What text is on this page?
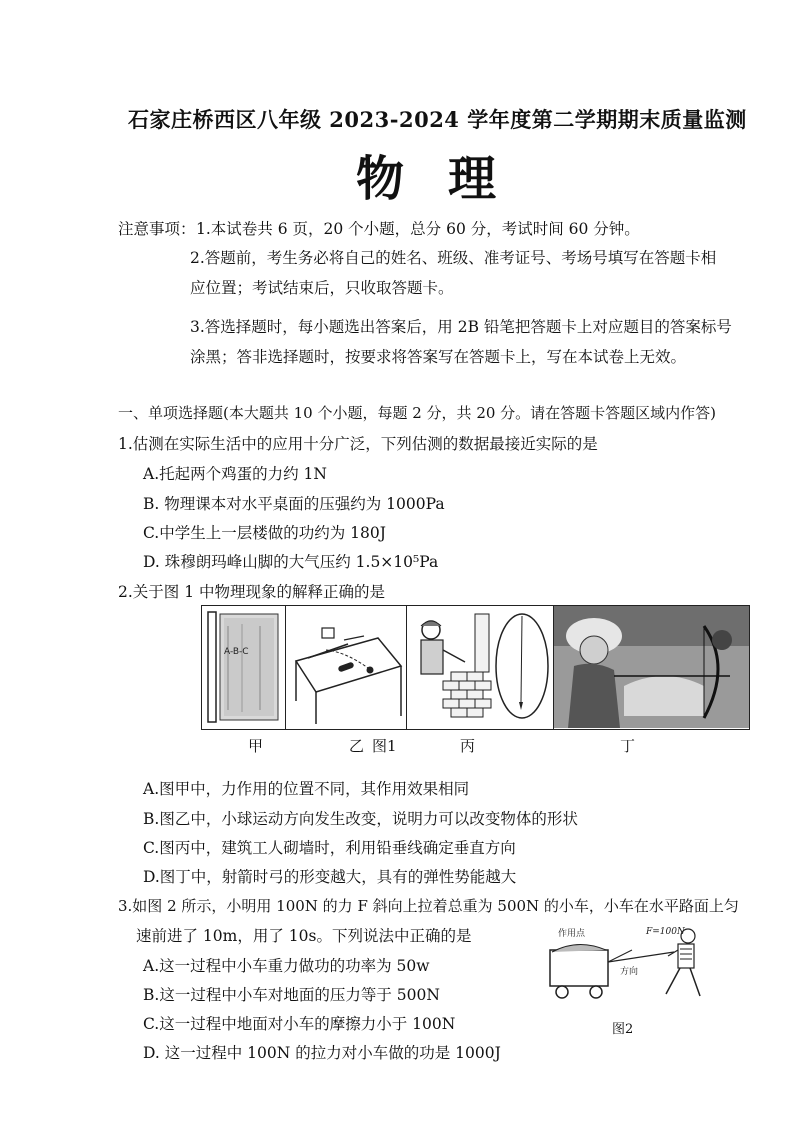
石家庄桥西区八年级 2023-2024 学年度第二学期期末质量监测
物理
注意事项： 1.本试卷共 6 页，20 个小题，总分 60 分，考试时间 60 分钟。
2.答题前，考生务必将自己的姓名、班级、准考证号、考场号填写在答题卡相
应位置；考试结束后，只收取答题卡。
3.答选择题时，每小题选出答案后，用 2B 铅笔把答题卡上对应题目的答案标号
涂黑；答非选择题时，按要求将答案写在答题卡上，写在本试卷上无效。
一、单项选择题(本大题共 10 个小题，每题 2 分，共 20 分。请在答题卡答题区域内作答)
1.估测在实际生活中的应用十分广泛，下列估测的数据最接近实际的是
A.托起两个鸡蛋的力约 1N
B. 物理课本对水平桌面的压强约为 1000Pa
C.中学生上一层楼做的功约为 180J
D. 珠穆朗玛峰山脚的大气压约 1.5×10⁵Pa
2.关于图 1 中物理现象的解释正确的是
A-B-C
甲	乙 图1	丙	丁
A.图甲中，力作用的位置不同，其作用效果相同
B.图乙中，小球运动方向发生改变，说明力可以改变物体的形状
C.图丙中，建筑工人砌墙时，利用铅垂线确定垂直方向
D.图丁中，射箭时弓的形变越大，具有的弹性势能越大
3.如图 2 所示，小明用 100N 的力 F 斜向上拉着总重为 500N 的小车，小车在水平路面上匀
速前进了 10m，用了 10s。下列说法中正确的是
A.这一过程中小车重力做功的功率为 50w
B.这一过程中小车对地面的压力等于 500N
C.这一过程中地面对小车的摩擦力小于 100N
D. 这一过程中 100N 的拉力对小车做的功是 1000J
作用点	F=100N
方向
图2
